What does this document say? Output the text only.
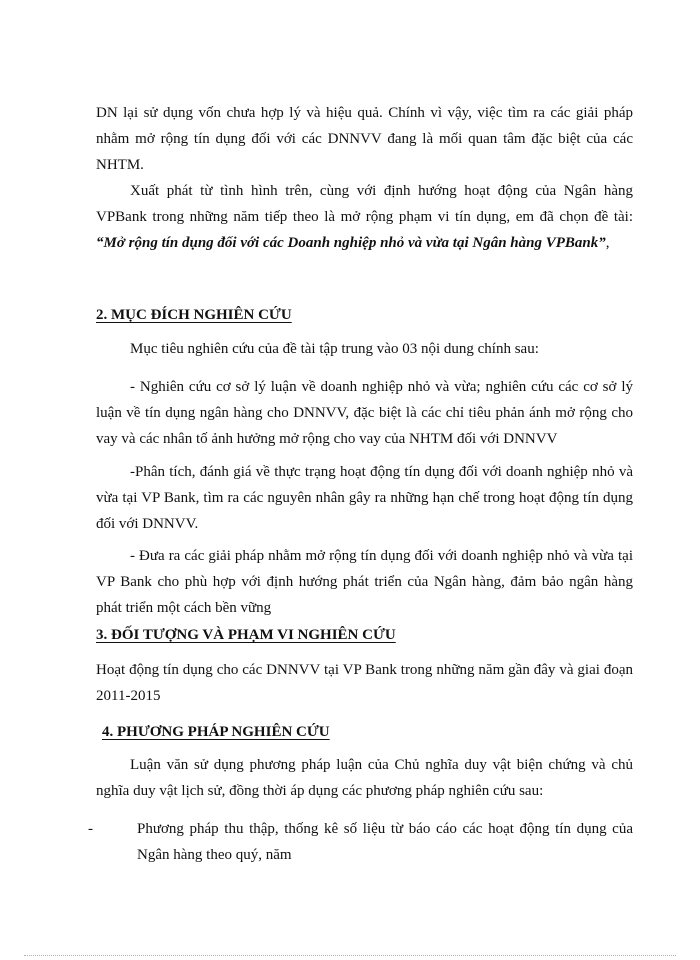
DN lại sử dụng vốn chưa hợp lý và hiệu quả. Chính vì vậy, việc tìm ra các giải pháp nhằm mở rộng tín dụng đối với các DNNVV đang là mối quan tâm đặc biệt của các NHTM.

Xuất phát từ tình hình trên, cùng với định hướng hoạt động của Ngân hàng VPBank trong những năm tiếp theo là mở rộng phạm vi tín dụng, em đã chọn đề tài: “Mở rộng tín dụng đối với các Doanh nghiệp nhỏ và vừa tại Ngân hàng VPBank”,

2. MỤC ĐÍCH NGHIÊN CỨU

Mục tiêu nghiên cứu của đề tài tập trung vào 03 nội dung chính sau:

- Nghiên cứu cơ sở lý luận về doanh nghiệp nhỏ và vừa; nghiên cứu các cơ sở lý luận về tín dụng ngân hàng cho DNNVV, đặc biệt là các chỉ tiêu phản ánh mở rộng cho vay và các nhân tố ảnh hưởng mở rộng cho vay của NHTM đối với DNNVV

-Phân tích, đánh giá về thực trạng hoạt động tín dụng đối với doanh nghiệp nhỏ và vừa tại VP Bank, tìm ra các nguyên nhân gây ra những hạn chế trong hoạt động tín dụng đối với DNNVV.

- Đưa ra các giải pháp nhằm mở rộng tín dụng đối với doanh nghiệp nhỏ và vừa tại VP Bank cho phù hợp với định hướng phát triển của Ngân hàng, đảm bảo ngân hàng phát triển một cách bền vững

3. ĐỐI TƯỢNG VÀ PHẠM VI NGHIÊN CỨU

Hoạt động tín dụng cho các DNNVV tại VP Bank trong những năm gần đây và giai đoạn 2011-2015

4. PHƯƠNG PHÁP NGHIÊN CỨU

Luận văn sử dụng phương pháp luận của Chủ nghĩa duy vật biện chứng và chủ nghĩa duy vật lịch sử, đồng thời áp dụng các phương pháp nghiên cứu sau:

-	Phương pháp thu thập, thống kê số liệu từ báo cáo các hoạt động tín dụng của Ngân hàng theo quý, năm
